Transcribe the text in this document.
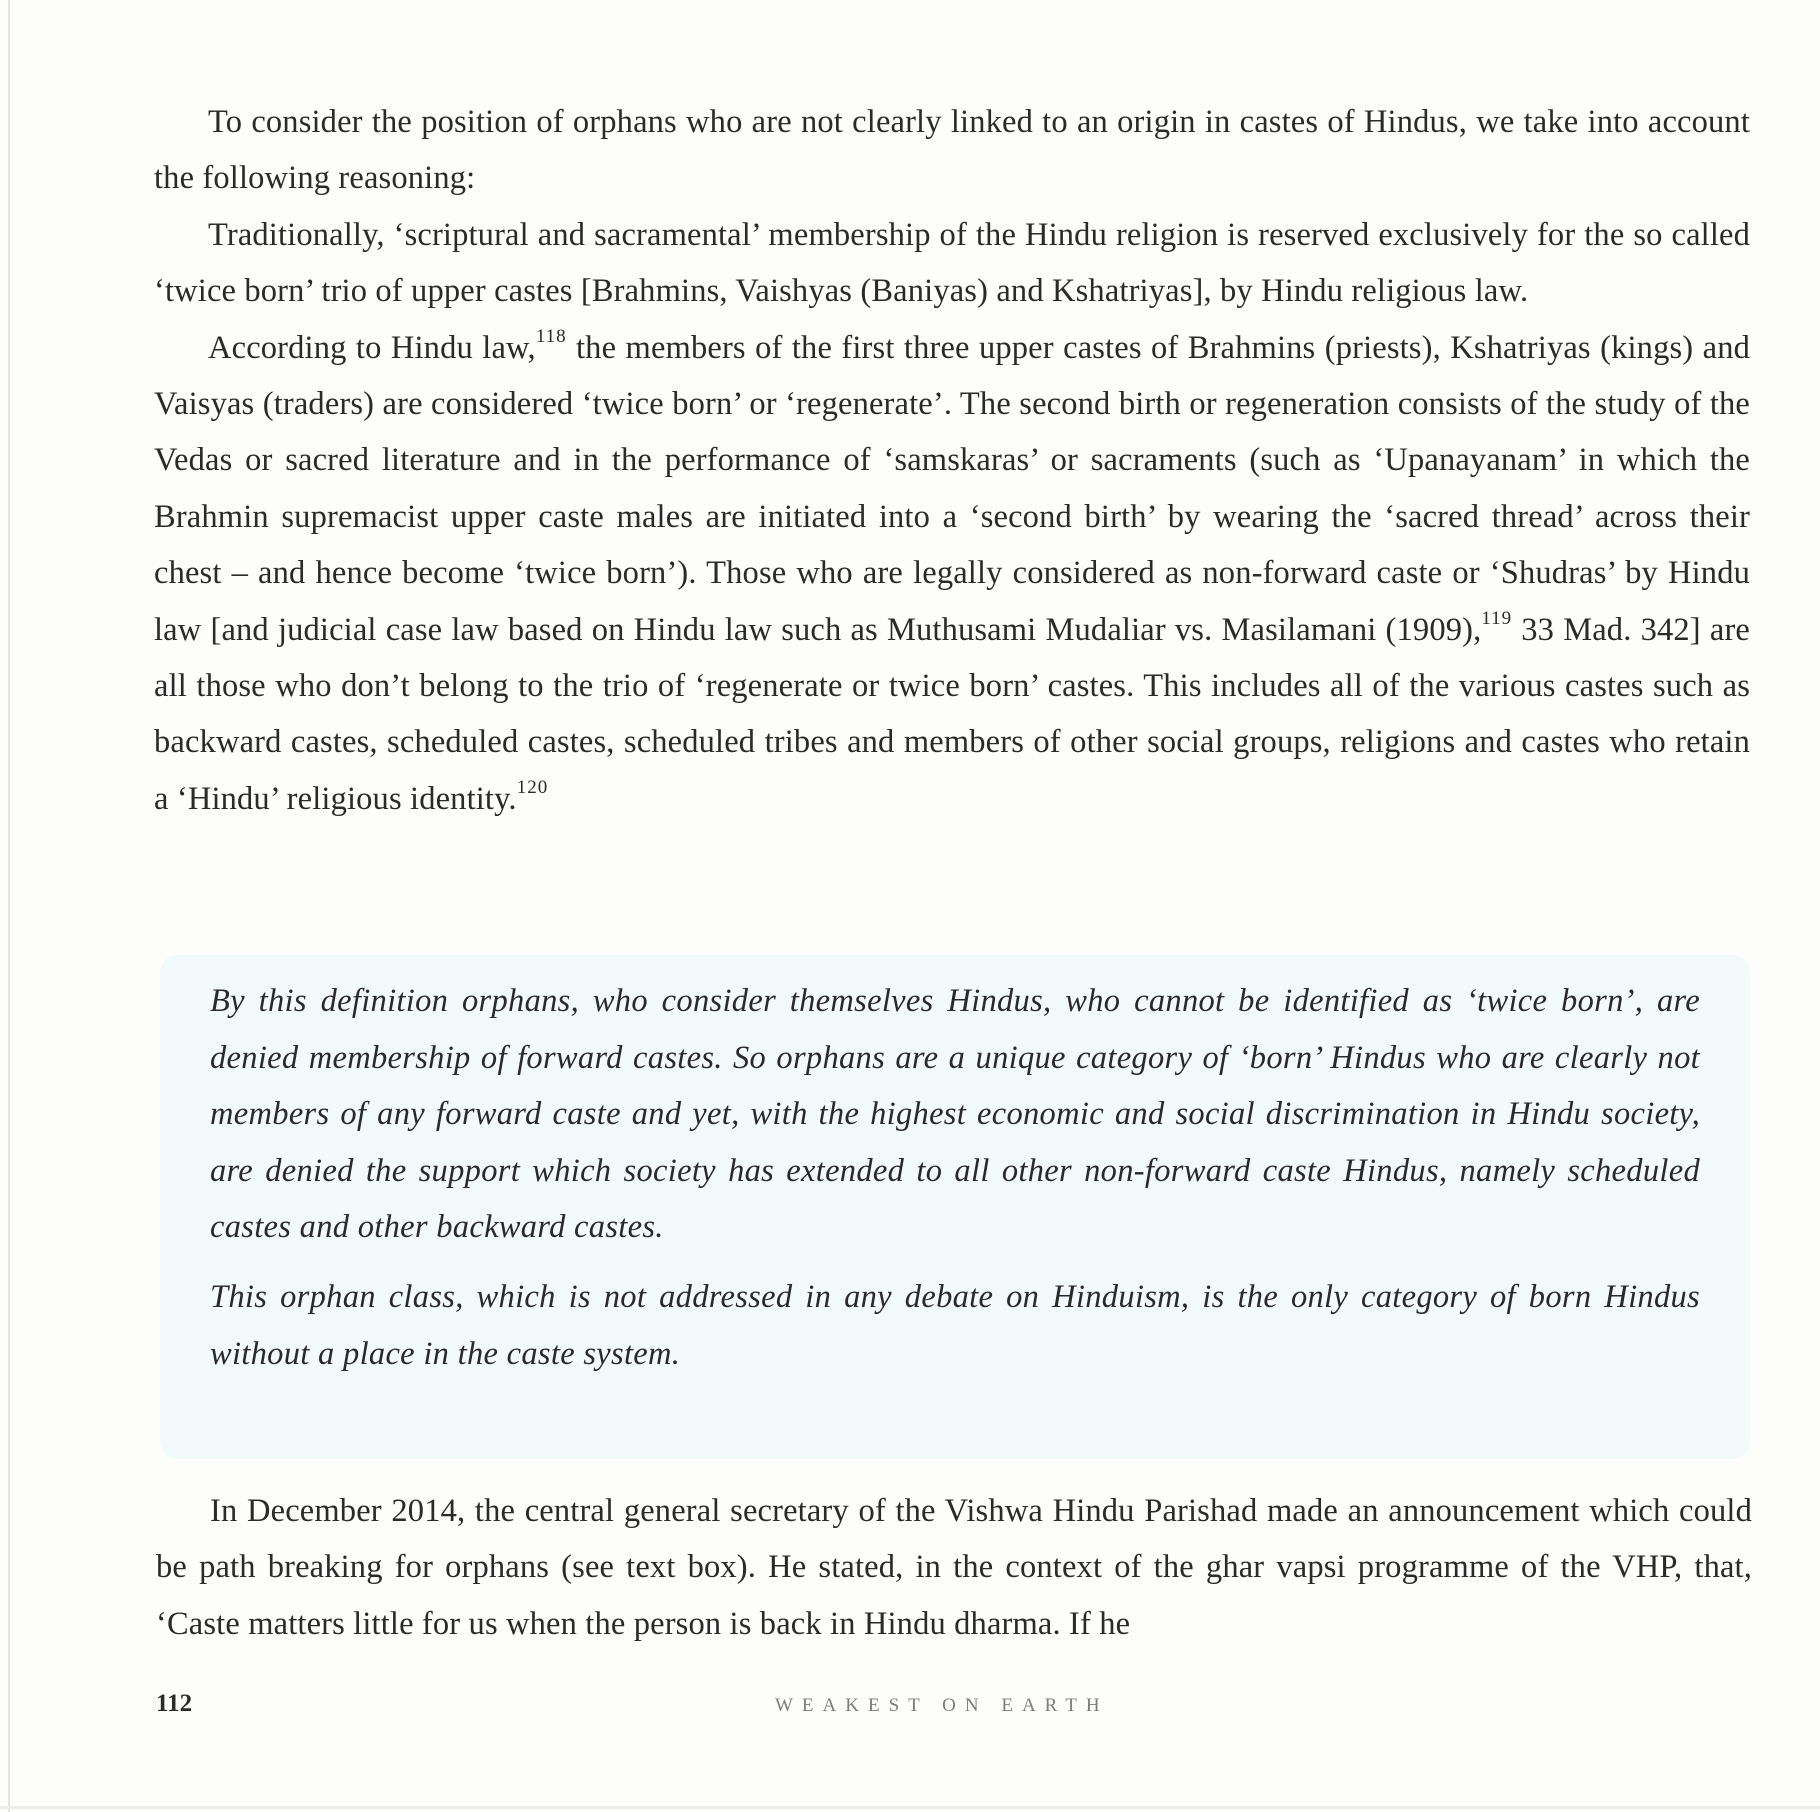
To consider the position of orphans who are not clearly linked to an origin in castes of Hindus, we take into account the following reasoning:

Traditionally, ‘scriptural and sacramental’ membership of the Hindu religion is reserved exclusively for the so called ‘twice born’ trio of upper castes [Brahmins, Vaishyas (Baniyas) and Kshatriyas], by Hindu religious law.

According to Hindu law,$^{118}$ the members of the first three upper castes of Brahmins (priests), Kshatriyas (kings) and Vaisyas (traders) are considered ‘twice born’ or ‘regenerate’. The second birth or regeneration consists of the study of the Vedas or sacred literature and in the performance of ‘samskaras’ or sacraments (such as ‘Upanayanam’ in which the Brahmin supremacist upper caste males are initiated into a ‘second birth’ by wearing the ‘sacred thread’ across their chest – and hence become ‘twice born’). Those who are legally considered as non-forward caste or ‘Shudras’ by Hindu law [and judicial case law based on Hindu law such as Muthusami Mudaliar vs. Masilamani (1909),$^{119}$ 33 Mad. 342] are all those who don’t belong to the trio of ‘regenerate or twice born’ castes. This includes all of the various castes such as backward castes, scheduled castes, scheduled tribes and members of other social groups, religions and castes who retain a ‘Hindu’ religious identity.$^{120}$

By this definition orphans, who consider themselves Hindus, who cannot be identified as ‘twice born’, are denied membership of forward castes. So orphans are a unique category of ‘born’ Hindus who are clearly not members of any forward caste and yet, with the highest economic and social discrimination in Hindu society, are denied the support which society has extended to all other non-forward caste Hindus, namely scheduled castes and other backward castes.

This orphan class, which is not addressed in any debate on Hinduism, is the only category of born Hindus without a place in the caste system.

In December 2014, the central general secretary of the Vishwa Hindu Parishad made an announcement which could be path breaking for orphans (see text box). He stated, in the context of the ghar vapsi programme of the VHP, that, ‘Caste matters little for us when the person is back in Hindu dharma. If he

112	WEAKEST ON EARTH
